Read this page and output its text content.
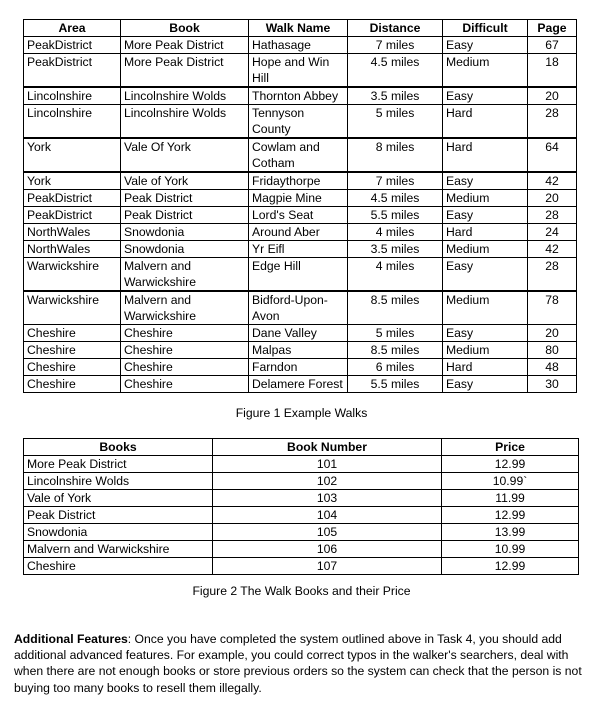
Area	Book	Walk Name	Distance	Difficult	Page
PeakDistrict	More Peak District	Hathasage	7 miles	Easy	67
PeakDistrict	More Peak District	Hope and Win Hill	4.5 miles	Medium	18

Lincolnshire	Lincolnshire Wolds	Thornton Abbey	3.5 miles	Easy	20
Lincolnshire	Lincolnshire Wolds	Tennyson County	5 miles	Hard	28

York	Vale Of York	Cowlam and Cotham	8 miles	Hard	64

York	Vale of York	Fridaythorpe	7 miles	Easy	42
PeakDistrict	Peak District	Magpie Mine	4.5 miles	Medium	20
PeakDistrict	Peak District	Lord's Seat	5.5 miles	Easy	28
NorthWales	Snowdonia	Around Aber	4 miles	Hard	24
NorthWales	Snowdonia	Yr Eifl	3.5 miles	Medium	42
Warwickshire	Malvern and Warwickshire	Edge Hill	4 miles	Easy	28

Warwickshire	Malvern and Warwickshire	Bidford-Upon-Avon	8.5 miles	Medium	78
Cheshire	Cheshire	Dane Valley	5 miles	Easy	20
Cheshire	Cheshire	Malpas	8.5 miles	Medium	80
Cheshire	Cheshire	Farndon	6 miles	Hard	48
Cheshire	Cheshire	Delamere Forest	5.5 miles	Easy	30
Figure 1 Example Walks
Books	Book Number	Price
More Peak District	101	12.99
Lincolnshire Wolds	102	10.99`
Vale of York	103	11.99
Peak District	104	12.99
Snowdonia	105	13.99
Malvern and Warwickshire	106	10.99
Cheshire	107	12.99
Figure 2 The Walk Books and their Price
Additional Features: Once you have completed the system outlined above in Task 4, you should add additional advanced features. For example, you could correct typos in the walker's searchers, deal with when there are not enough books or store previous orders so the system can check that the person is not buying too many books to resell them illegally.
